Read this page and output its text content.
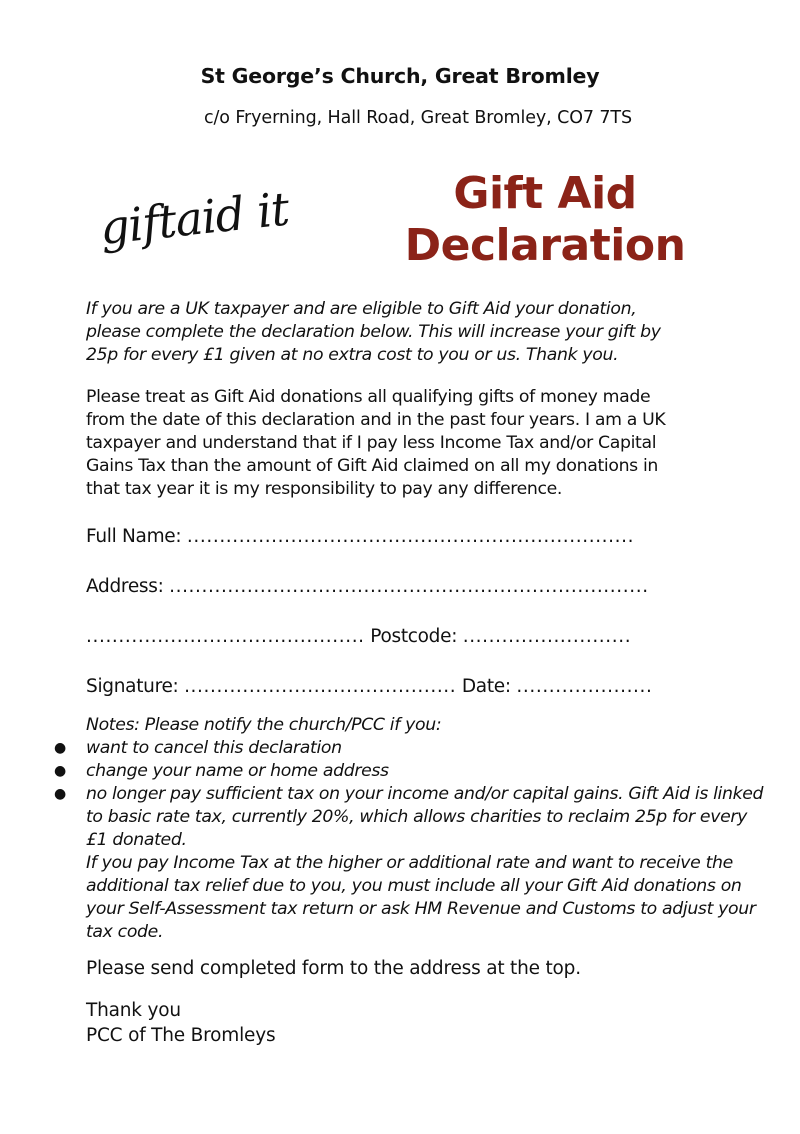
St George’s Church, Great Bromley
c/o Fryerning, Hall Road, Great Bromley, CO7 7TS
giftaid it	Gift Aid
Declaration
If you are a UK taxpayer and are eligible to Gift Aid your donation,
please complete the declaration below. This will increase your gift by
25p for every £1 given at no extra cost to you or us. Thank you.
Please treat as Gift Aid donations all qualifying gifts of money made
from the date of this declaration and in the past four years. I am a UK
taxpayer and understand that if I pay less Income Tax and/or Capital
Gains Tax than the amount of Gift Aid claimed on all my donations in
that tax year it is my responsibility to pay any difference.
Full Name: .....................................................................
Address: ..........................................................................
........................................... Postcode: ..........................
Signature: .......................................... Date: .....................
Notes: Please notify the church/PCC if you:
● want to cancel this declaration
● change your name or home address
● no longer pay sufficient tax on your income and/or capital gains. Gift Aid is linked to basic rate tax, currently 20%, which allows charities to reclaim 25p for every £1 donated.
If you pay Income Tax at the higher or additional rate and want to receive the additional tax relief due to you, you must include all your Gift Aid donations on your Self-Assessment tax return or ask HM Revenue and Customs to adjust your tax code.
Please send completed form to the address at the top.
Thank you
PCC of The Bromleys
